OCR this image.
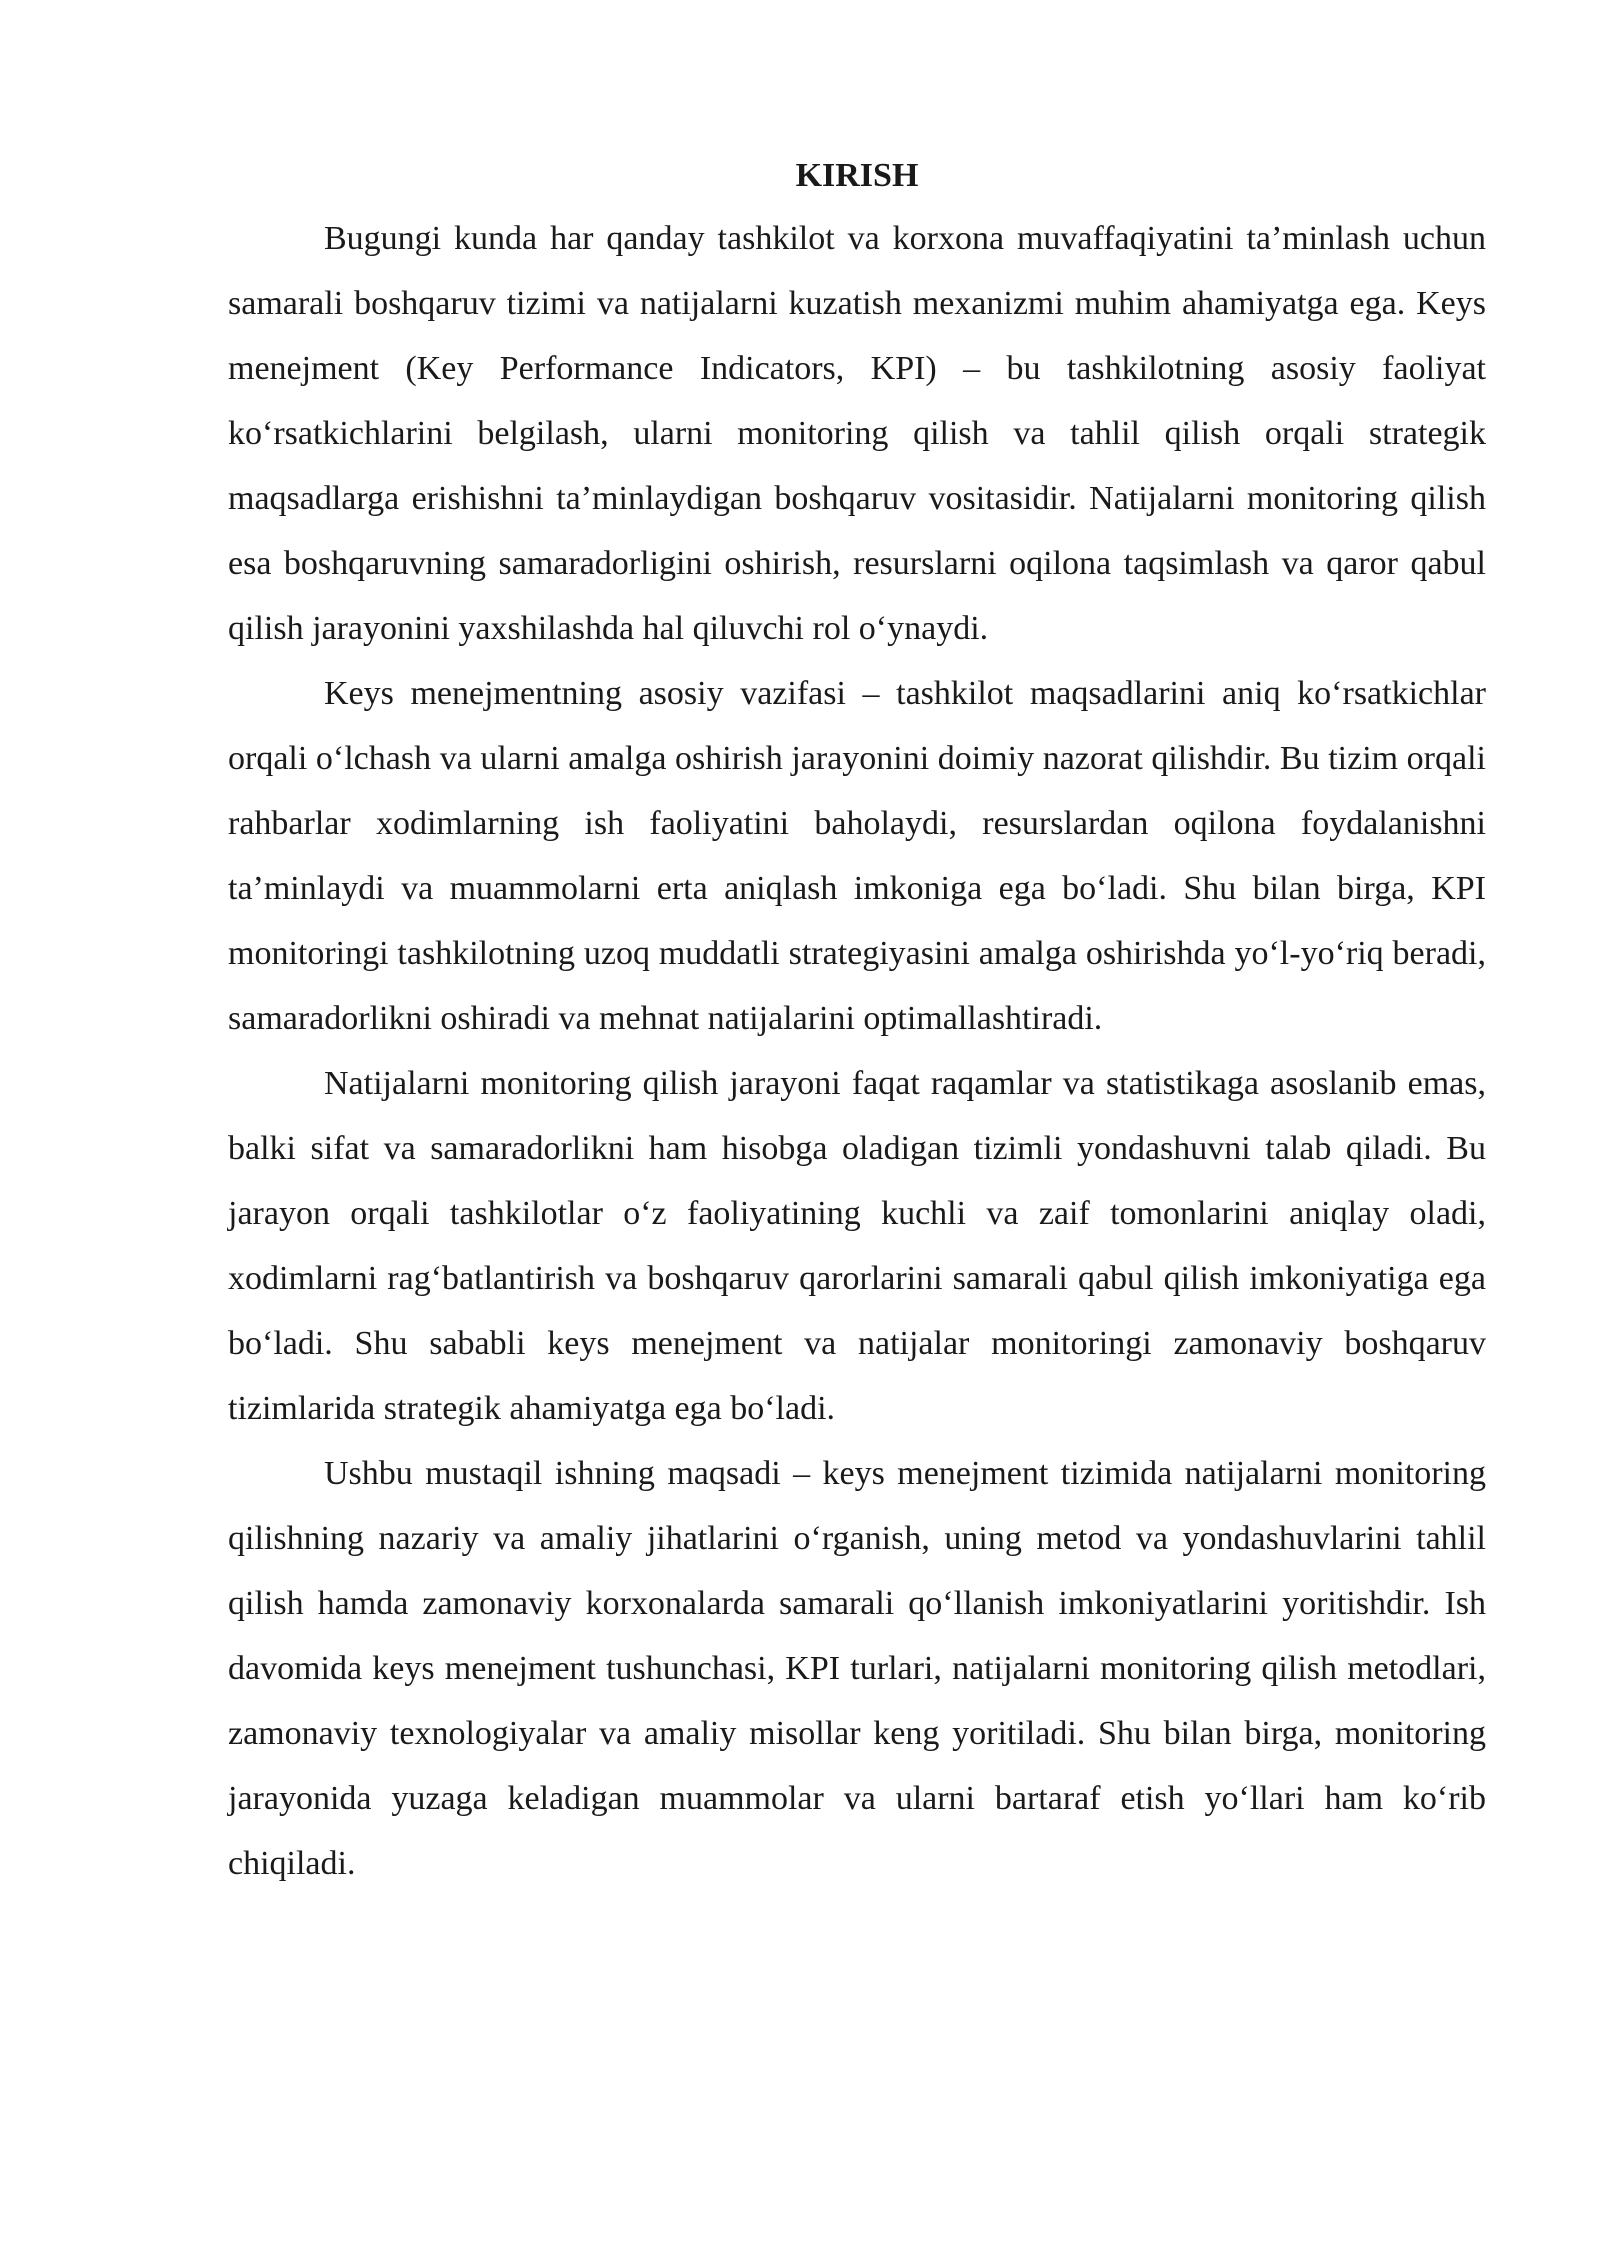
KIRISH

Bugungi kunda har qanday tashkilot va korxona muvaffaqiyatini ta’minlash uchun samarali boshqaruv tizimi va natijalarni kuzatish mexanizmi muhim ahamiyatga ega. Keys menejment (Key Performance Indicators, KPI) – bu tashkilotning asosiy faoliyat ko‘rsatkichlarini belgilash, ularni monitoring qilish va tahlil qilish orqali strategik maqsadlarga erishishni ta’minlaydigan boshqaruv vositasidir. Natijalarni monitoring qilish esa boshqaruvning samaradorligini oshirish, resurslarni oqilona taqsimlash va qaror qabul qilish jarayonini yaxshilashda hal qiluvchi rol o‘ynaydi.

Keys menejmentning asosiy vazifasi – tashkilot maqsadlarini aniq ko‘rsatkichlar orqali o‘lchash va ularni amalga oshirish jarayonini doimiy nazorat qilishdir. Bu tizim orqali rahbarlar xodimlarning ish faoliyatini baholaydi, resurslardan oqilona foydalanishni ta’minlaydi va muammolarni erta aniqlash imkoniga ega bo‘ladi. Shu bilan birga, KPI monitoringi tashkilotning uzoq muddatli strategiyasini amalga oshirishda yo‘l-yo‘riq beradi, samaradorlikni oshiradi va mehnat natijalarini optimallashtiradi.

Natijalarni monitoring qilish jarayoni faqat raqamlar va statistikaga asoslanib emas, balki sifat va samaradorlikni ham hisobga oladigan tizimli yondashuvni talab qiladi. Bu jarayon orqali tashkilotlar o‘z faoliyatining kuchli va zaif tomonlarini aniqlay oladi, xodimlarni rag‘batlantirish va boshqaruv qarorlarini samarali qabul qilish imkoniyatiga ega bo‘ladi. Shu sababli keys menejment va natijalar monitoringi zamonaviy boshqaruv tizimlarida strategik ahamiyatga ega bo‘ladi.

Ushbu mustaqil ishning maqsadi – keys menejment tizimida natijalarni monitoring qilishning nazariy va amaliy jihatlarini o‘rganish, uning metod va yondashuvlarini tahlil qilish hamda zamonaviy korxonalarda samarali qo‘llanish imkoniyatlarini yoritishdir. Ish davomida keys menejment tushunchasi, KPI turlari, natijalarni monitoring qilish metodlari, zamonaviy texnologiyalar va amaliy misollar keng yoritiladi. Shu bilan birga, monitoring jarayonida yuzaga keladigan muammolar va ularni bartaraf etish yo‘llari ham ko‘rib chiqiladi.
